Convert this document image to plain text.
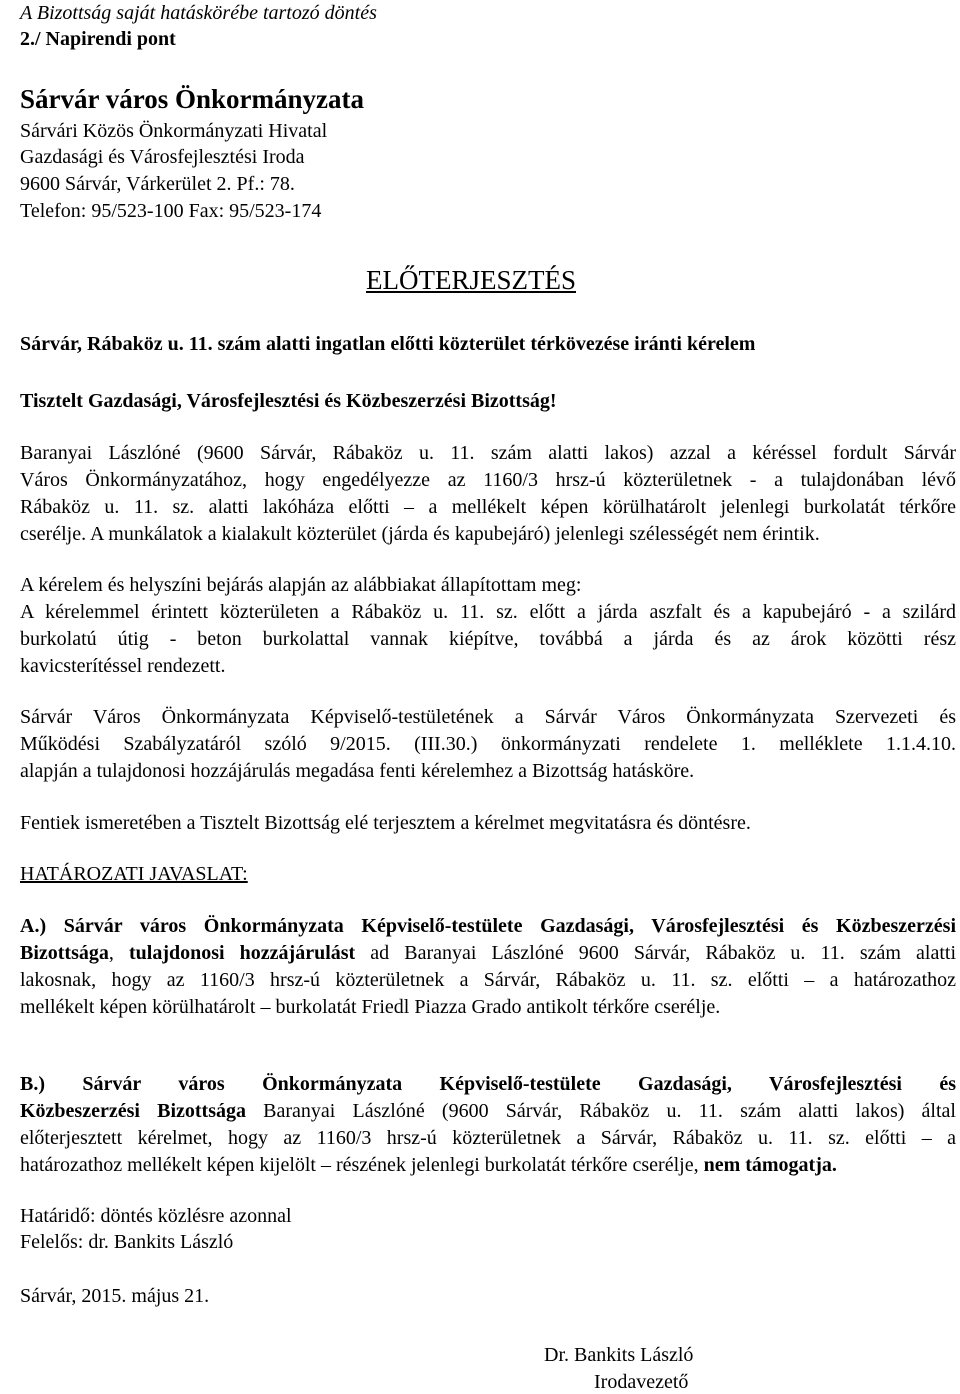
A Bizottság saját hatáskörébe tartozó döntés
2./ Napirendi pont
Sárvár város Önkormányzata
Sárvári Közös Önkormányzati Hivatal
Gazdasági és Városfejlesztési Iroda
9600 Sárvár, Várkerület 2. Pf.: 78.
Telefon: 95/523-100 Fax: 95/523-174
ELŐTERJESZTÉS
Sárvár, Rábaköz u. 11. szám alatti ingatlan előtti közterület térkövezése iránti kérelem
Tisztelt Gazdasági, Városfejlesztési és Közbeszerzési Bizottság!
Baranyai Lászlóné (9600 Sárvár, Rábaköz u. 11. szám alatti lakos) azzal a kéréssel fordult Sárvár
Város Önkormányzatához, hogy engedélyezze az 1160/3 hrsz-ú közterületnek - a tulajdonában lévő
Rábaköz u. 11. sz. alatti lakóháza előtti – a mellékelt képen körülhatárolt jelenlegi burkolatát térkőre
cserélje. A munkálatok a kialakult közterület (járda és kapubejáró) jelenlegi szélességét nem érintik.
A kérelem és helyszíni bejárás alapján az alábbiakat állapítottam meg:
A kérelemmel érintett közterületen a Rábaköz u. 11. sz. előtt a járda aszfalt és a kapubejáró - a szilárd
burkolatú útig - beton burkolattal vannak kiépítve, továbbá a járda és az árok közötti rész
kavicsterítéssel rendezett.
Sárvár Város Önkormányzata Képviselő-testületének a Sárvár Város Önkormányzata Szervezeti és
Működési Szabályzatáról szóló 9/2015. (III.30.) önkormányzati rendelete 1. melléklete 1.1.4.10.
alapján a tulajdonosi hozzájárulás megadása fenti kérelemhez a Bizottság hatásköre.
Fentiek ismeretében a Tisztelt Bizottság elé terjesztem a kérelmet megvitatásra és döntésre.
HATÁROZATI JAVASLAT:
A.) Sárvár város Önkormányzata Képviselő-testülete Gazdasági, Városfejlesztési és Közbeszerzési
Bizottsága, tulajdonosi hozzájárulást ad Baranyai Lászlóné 9600 Sárvár, Rábaköz u. 11. szám alatti
lakosnak, hogy az 1160/3 hrsz-ú közterületnek a Sárvár, Rábaköz u. 11. sz. előtti – a határozathoz
mellékelt képen körülhatárolt – burkolatát Friedl Piazza Grado antikolt térkőre cserélje.
B.) Sárvár város Önkormányzata Képviselő-testülete Gazdasági, Városfejlesztési és
Közbeszerzési Bizottsága Baranyai Lászlóné (9600 Sárvár, Rábaköz u. 11. szám alatti lakos) által
előterjesztett kérelmet, hogy az 1160/3 hrsz-ú közterületnek a Sárvár, Rábaköz u. 11. sz. előtti – a
határozathoz mellékelt képen kijelölt – részének jelenlegi burkolatát térkőre cserélje, nem támogatja.
Határidő: döntés közlésre azonnal
Felelős: dr. Bankits László
Sárvár, 2015. május 21.
Dr. Bankits László
Irodavezető
